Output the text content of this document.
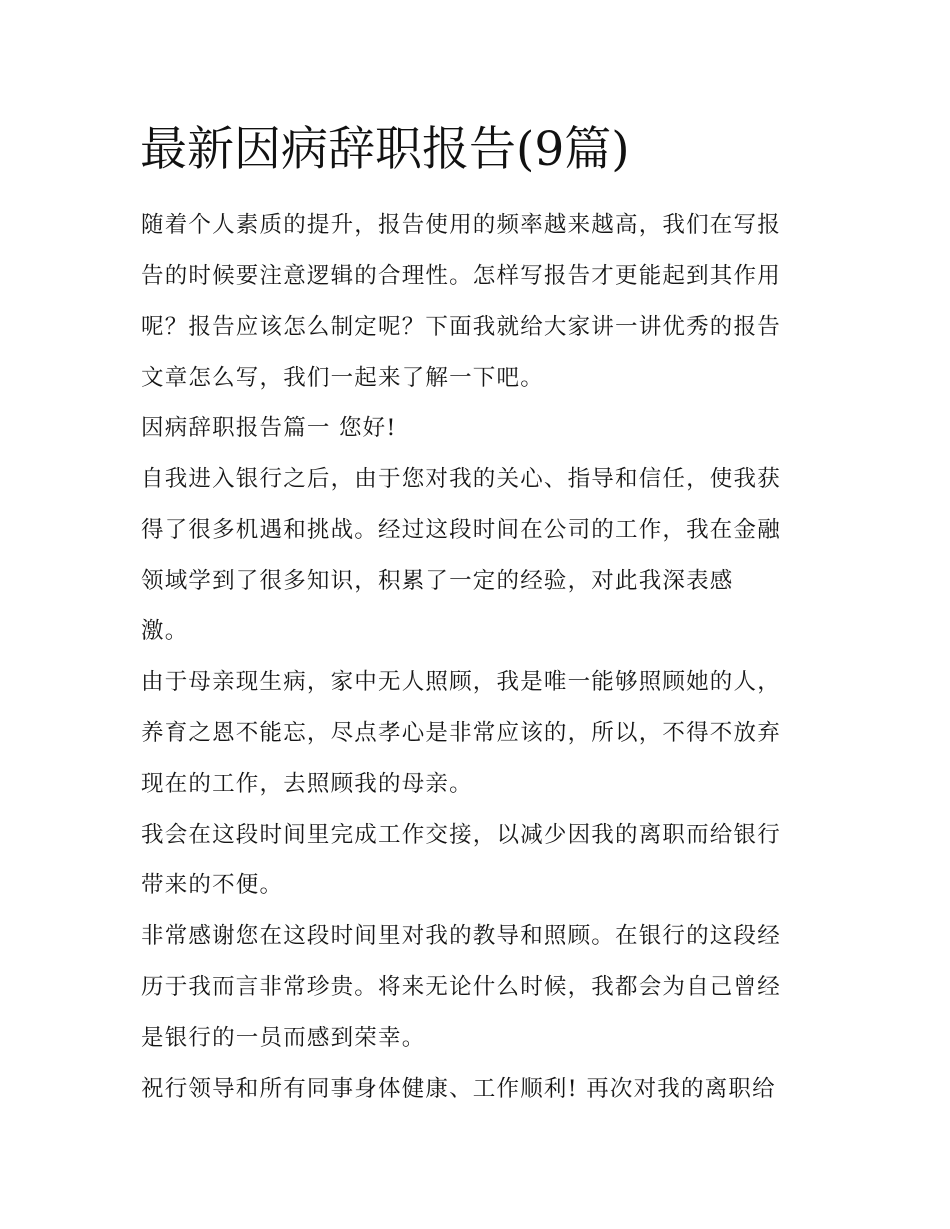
最新因病辞职报告(9篇)

随着个人素质的提升，报告使用的频率越来越高，我们在写报

告的时候要注意逻辑的合理性。怎样写报告才更能起到其作用

呢？报告应该怎么制定呢？下面我就给大家讲一讲优秀的报告

文章怎么写，我们一起来了解一下吧。

因病辞职报告篇一 您好!

自我进入银行之后，由于您对我的关心、指导和信任，使我获

得了很多机遇和挑战。经过这段时间在公司的工作，我在金融

领域学到了很多知识，积累了一定的经验，对此我深表感

激。

由于母亲现生病，家中无人照顾，我是唯一能够照顾她的人，

养育之恩不能忘，尽点孝心是非常应该的，所以，不得不放弃

现在的工作，去照顾我的母亲。

我会在这段时间里完成工作交接，以减少因我的离职而给银行

带来的不便。

非常感谢您在这段时间里对我的教导和照顾。在银行的这段经

历于我而言非常珍贵。将来无论什么时候，我都会为自己曾经

是银行的一员而感到荣幸。

祝行领导和所有同事身体健康、工作顺利! 再次对我的离职给
